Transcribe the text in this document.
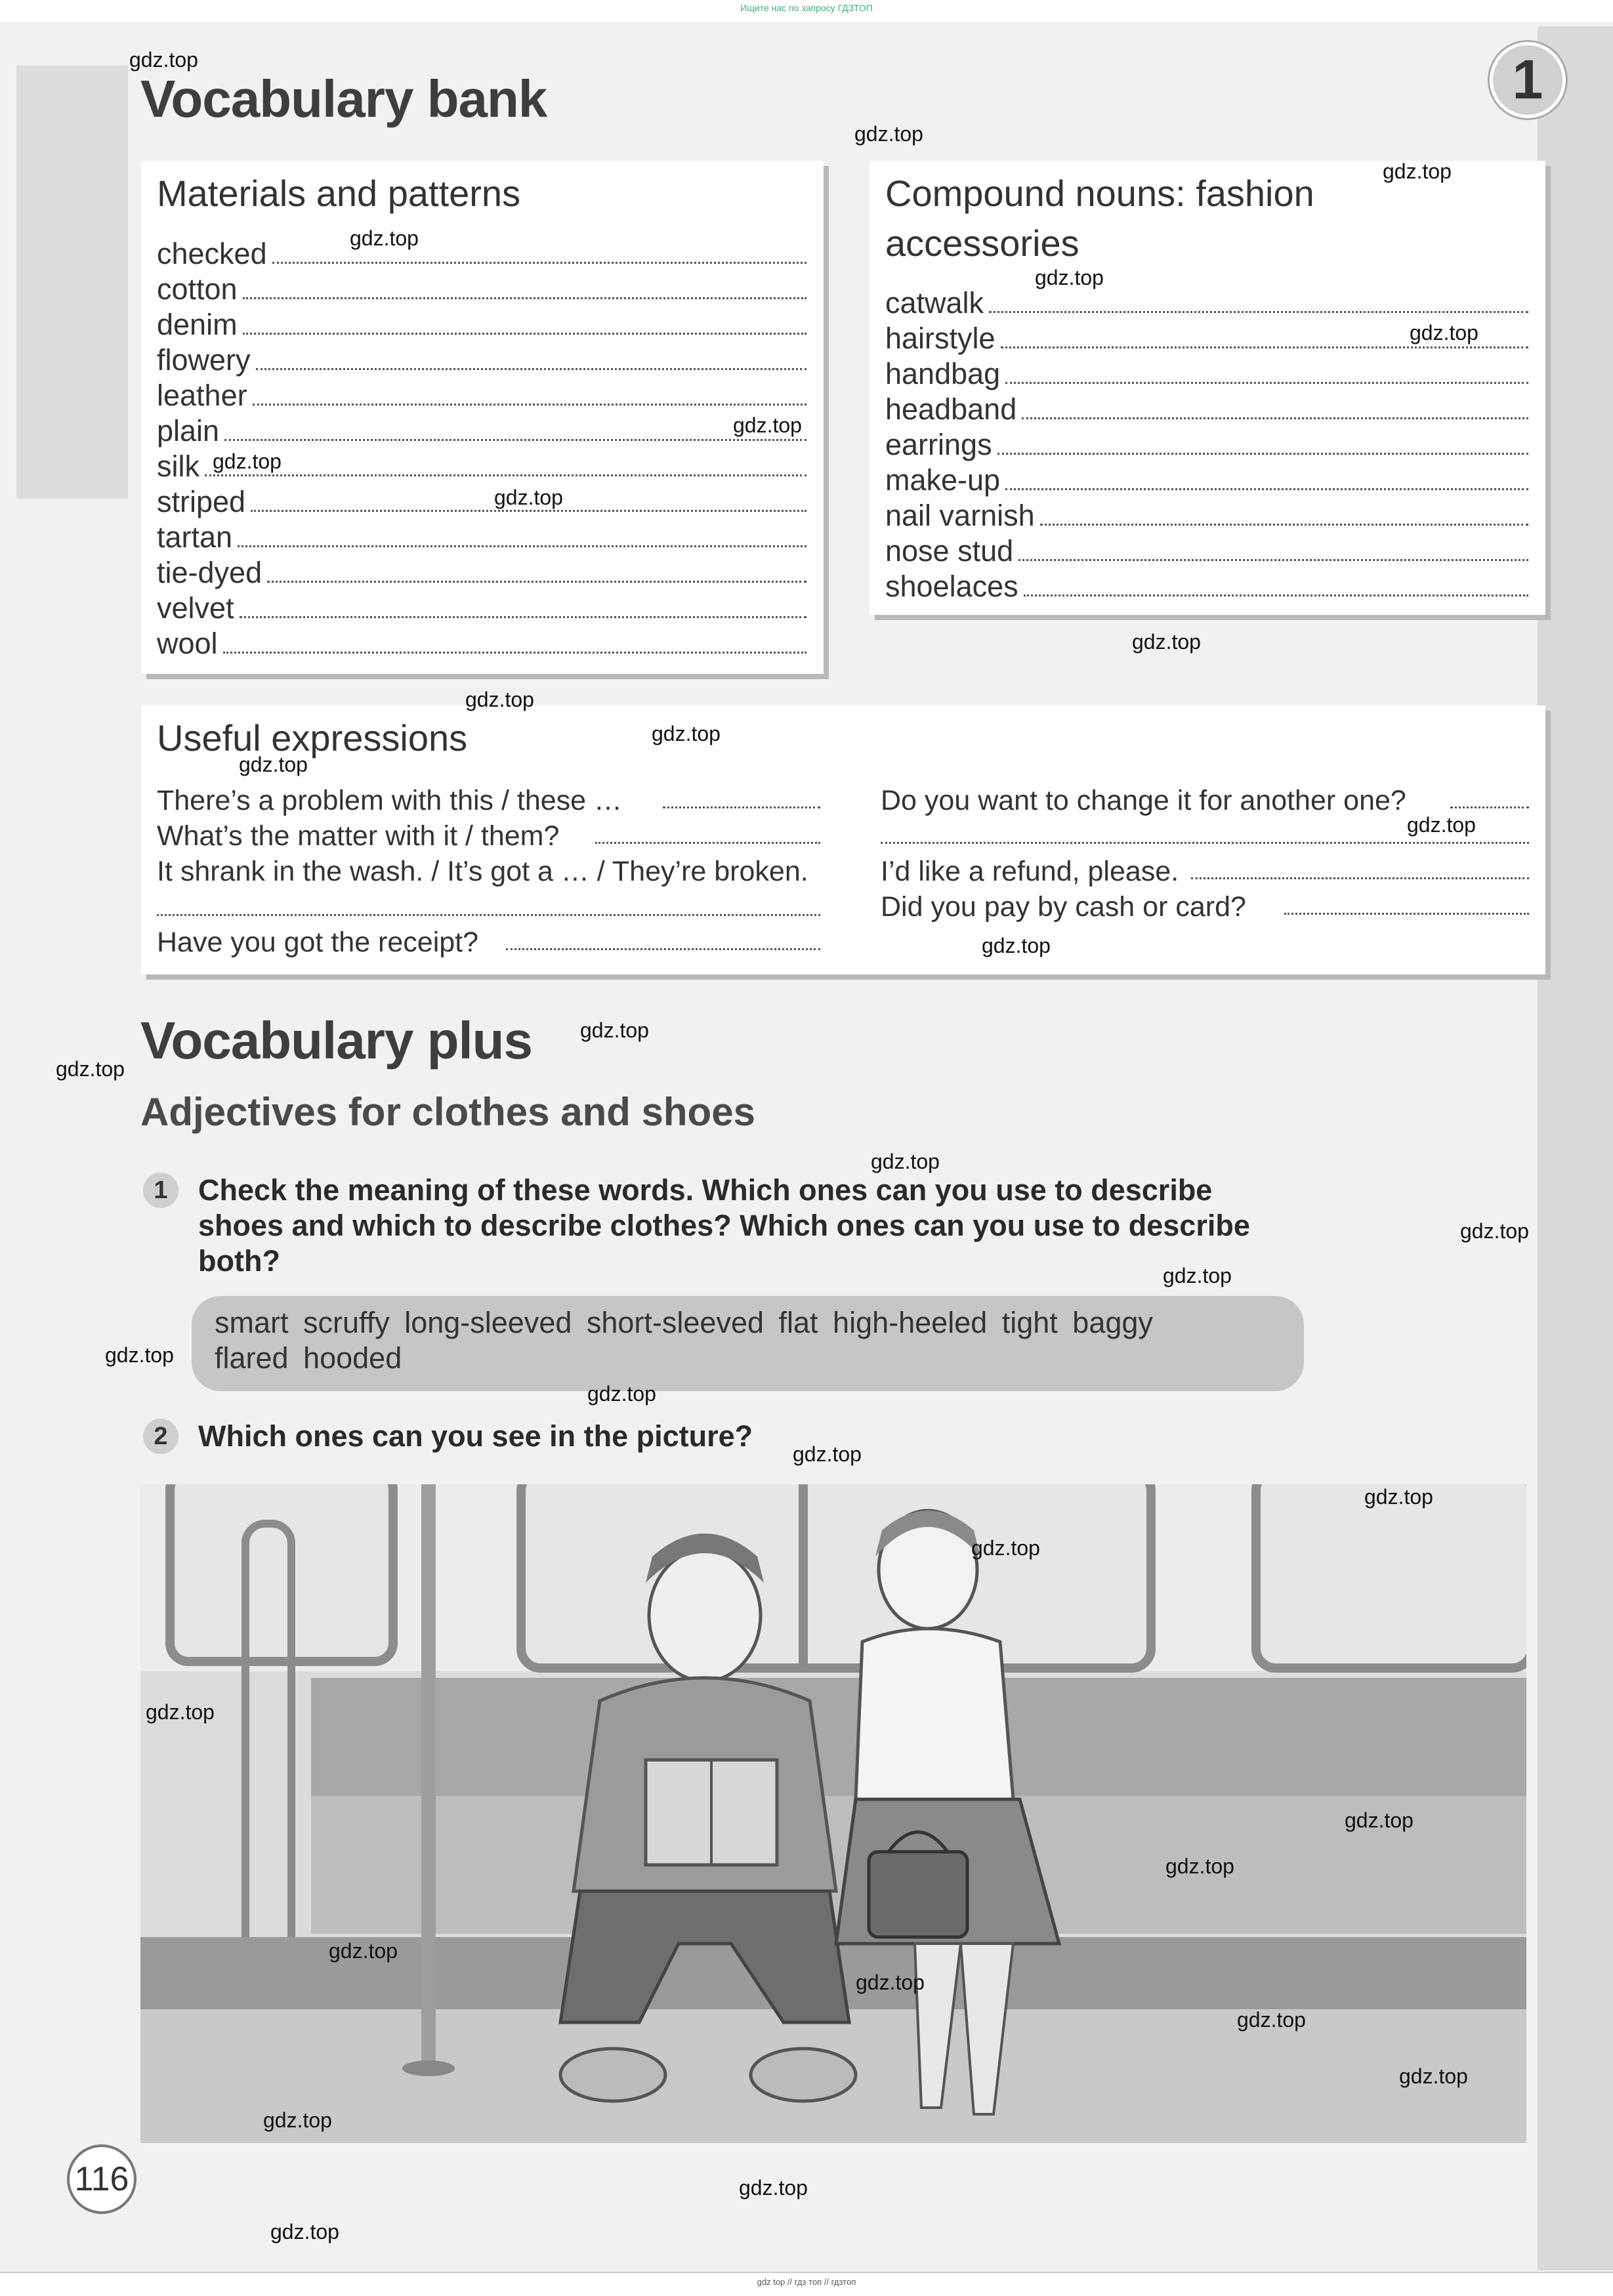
Ищите нас по запросу ГДЗТОП
1
Vocabulary bank
Materials and patterns
checked
cotton
denim
flowery
leather
plain
silk
striped
tartan
tie-dyed
velvet
wool
Compound nouns: fashion
accessories
catwalk
hairstyle
handbag
headband
earrings
make-up
nail varnish
nose stud
shoelaces
Useful expressions
There’s a problem with this / these …
What’s the matter with it / them?
It shrank in the wash. / It’s got a … / They’re broken.
Have you got the receipt?
Do you want to change it for another one?
I’d like a refund, please.
Did you pay by cash or card?
Vocabulary plus
Adjectives for clothes and shoes
1	Check the meaning of these words. Which ones can you use to describe
shoes and which to describe clothes? Which ones can you use to describe
both?
smart scruffy long-sleeved short-sleeved flat high-heeled tight baggy
flared hooded
2	Which ones can you see in the picture?
116
gdz top // гдз топ // гдзтоп
gdz.top
gdz.top
gdz.top
gdz.top
gdz.top
gdz.top
gdz.top
gdz.top
gdz.top
gdz.top
gdz.top
gdz.top
gdz.top
gdz.top
gdz.top
gdz.top
gdz.top
gdz.top
gdz.top
gdz.top
gdz.top
gdz.top
gdz.top
gdz.top
gdz.top
gdz.top
gdz.top
gdz.top
gdz.top
gdz.top
gdz.top
gdz.top
gdz.top
gdz.top
gdz.top
